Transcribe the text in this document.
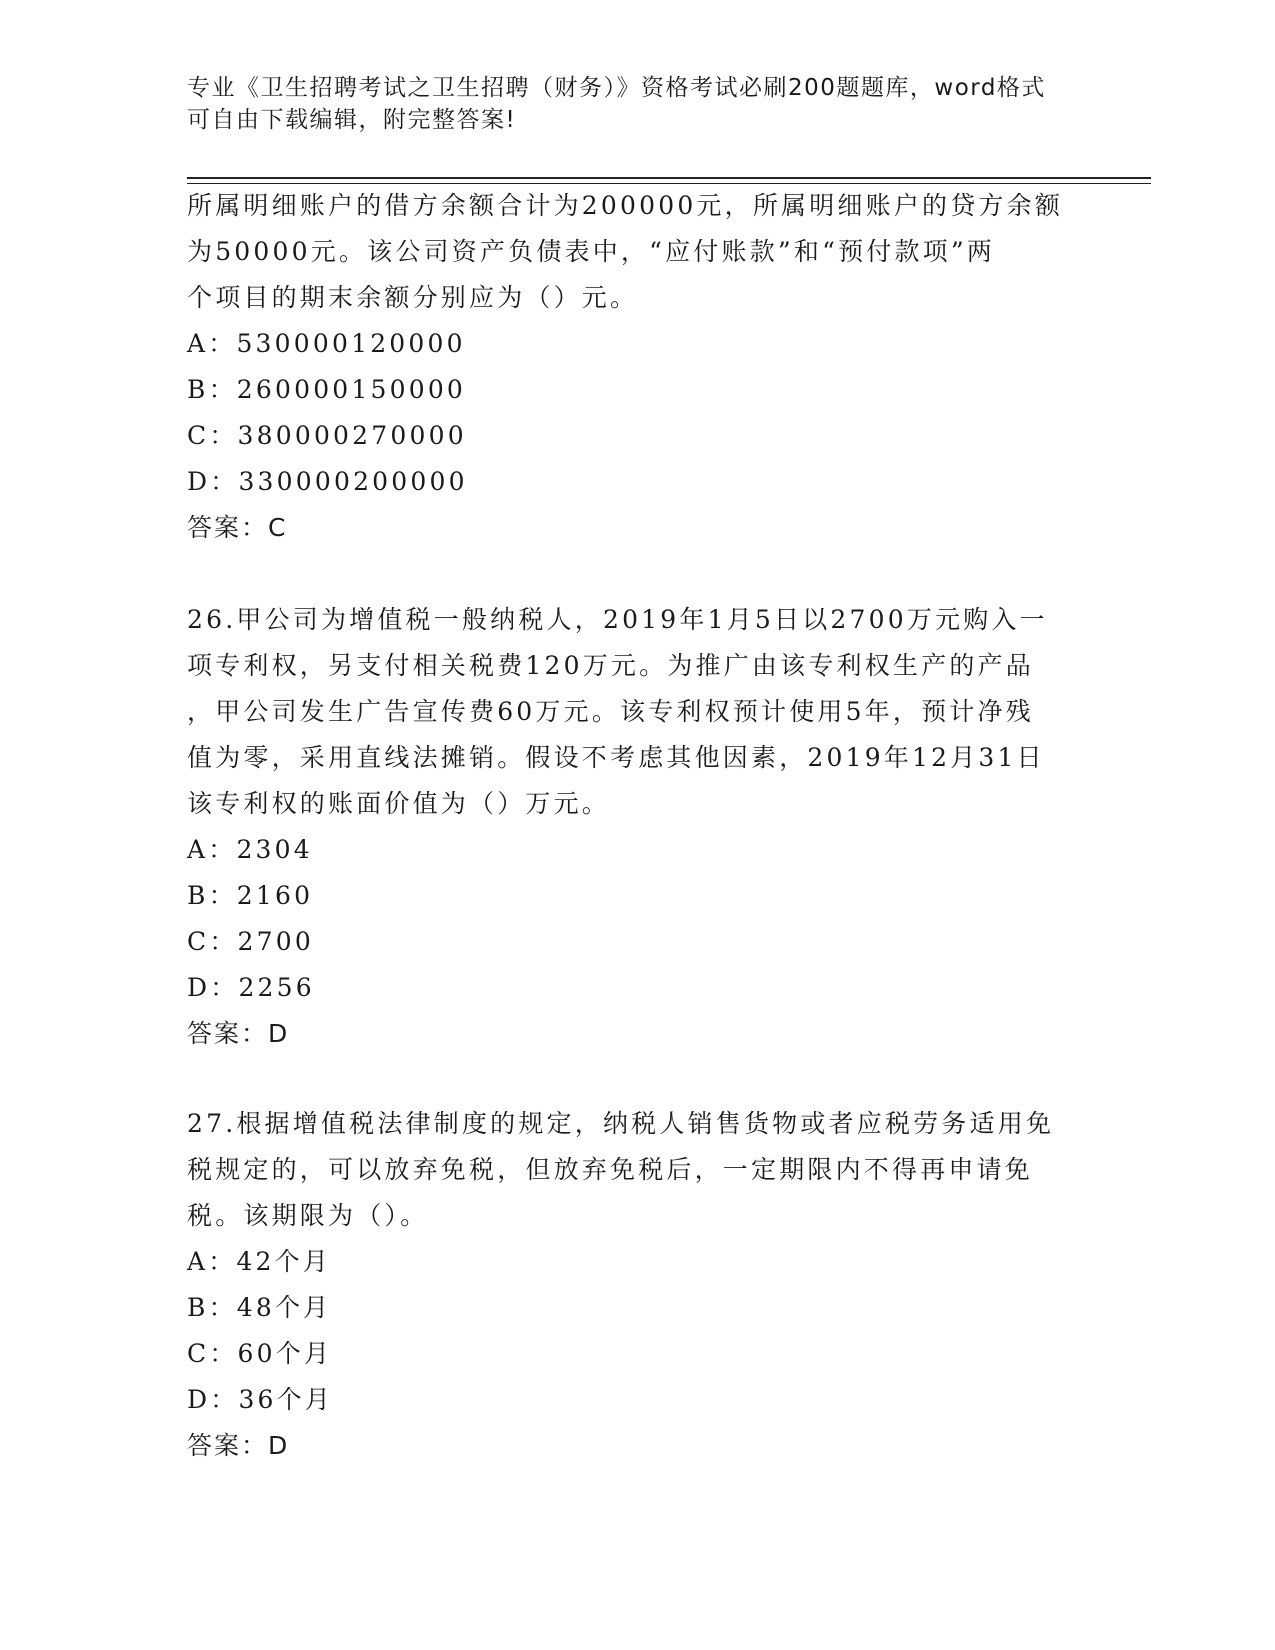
专业《卫生招聘考试之卫生招聘（财务）》资格考试必刷200题题库，word格式
可自由下载编辑，附完整答案!
所属明细账户的借方余额合计为200000元，所属明细账户的贷方余额
为50000元。该公司资产负债表中，“应付账款”和“预付款项”两
个项目的期末余额分别应为（）元。
A：530000120000
B：260000150000
C：380000270000
D：330000200000
答案：C
26.甲公司为增值税一般纳税人，2019年1月5日以2700万元购入一
项专利权，另支付相关税费120万元。为推广由该专利权生产的产品
，甲公司发生广告宣传费60万元。该专利权预计使用5年，预计净残
值为零，采用直线法摊销。假设不考虑其他因素，2019年12月31日
该专利权的账面价值为（）万元。
A：2304
B：2160
C：2700
D：2256
答案：D
27.根据增值税法律制度的规定，纳税人销售货物或者应税劳务适用免
税规定的，可以放弃免税，但放弃免税后，一定期限内不得再申请免
税。该期限为（）。
A：42个月
B：48个月
C：60个月
D：36个月
答案：D
